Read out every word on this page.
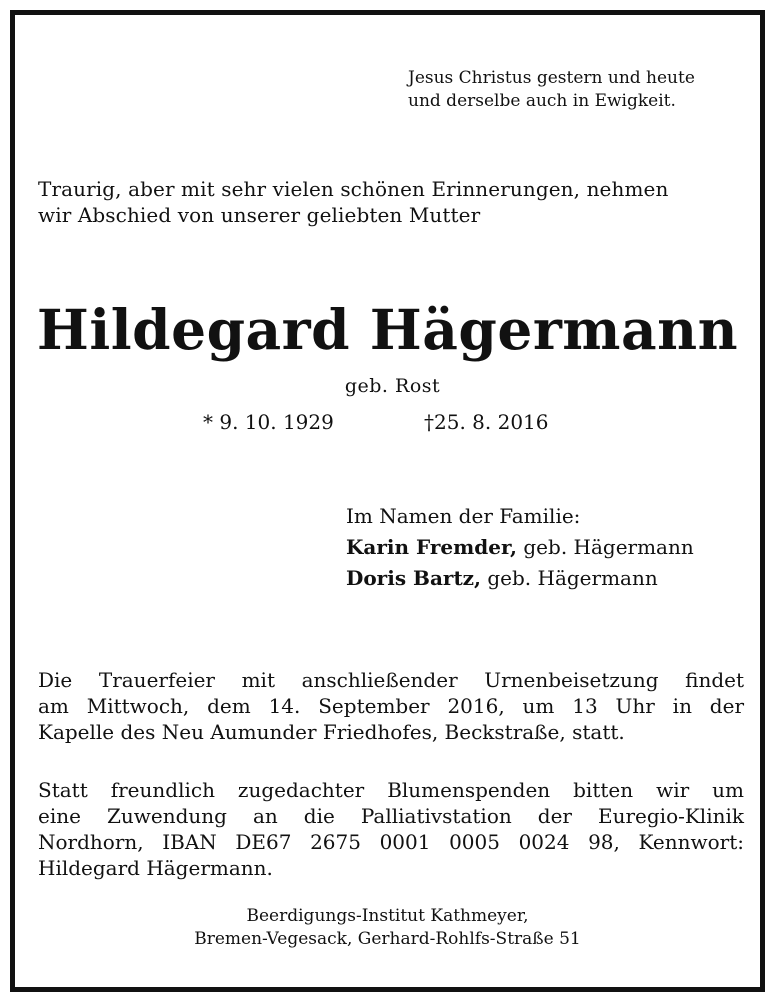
Jesus Christus gestern und heute
und derselbe auch in Ewigkeit.
Traurig, aber mit sehr vielen schönen Erinnerungen, nehmen
wir Abschied von unserer geliebten Mutter
Hildegard Hägermann
geb. Rost
* 9. 10. 1929	†25. 8. 2016
Im Namen der Familie:
Karin Fremder, geb. Hägermann
Doris Bartz, geb. Hägermann
Die Trauerfeier mit anschließender Urnenbeisetzung findet
am Mittwoch, dem 14. September 2016, um 13 Uhr in der
Kapelle des Neu Aumunder Friedhofes, Beckstraße, statt.
Statt freundlich zugedachter Blumenspenden bitten wir um
eine Zuwendung an die Palliativstation der Euregio-Klinik
Nordhorn, IBAN DE67 2675 0001 0005 0024 98, Kennwort:
Hildegard Hägermann.
Beerdigungs-Institut Kathmeyer,
Bremen-Vegesack, Gerhard-Rohlfs-Straße 51
